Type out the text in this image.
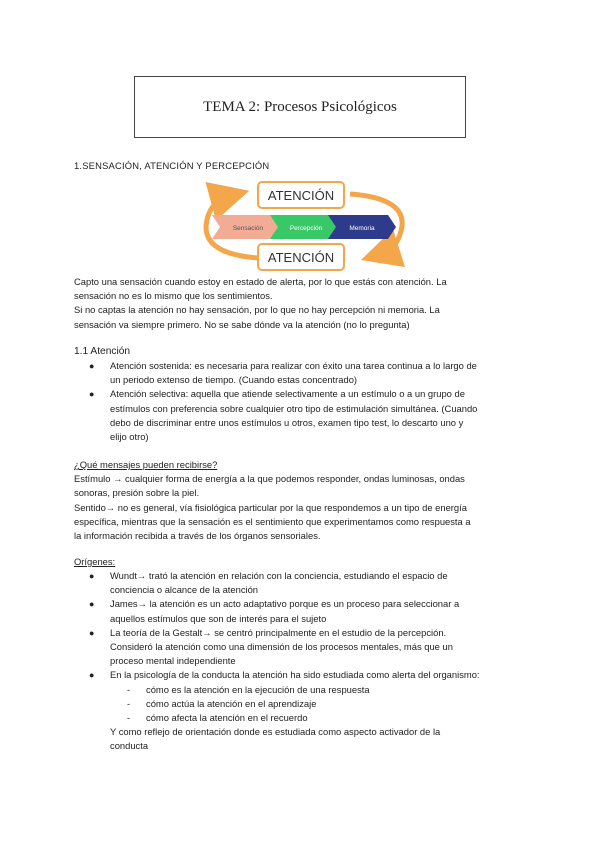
TEMA 2: Procesos Psicológicos
1.SENSACIÓN, ATENCIÓN Y PERCEPCIÓN
ATENCIÓN
Sensación	Percepción	Memoria
ATENCIÓN
Capto una sensación cuando estoy en estado de alerta, por lo que estás con atención. La
sensación no es lo mismo que los sentimientos.
Si no captas la atención no hay sensación, por lo que no hay percepción ni memoria. La
sensación va siempre primero. No se sabe dónde va la atención (no lo pregunta)
1.1 Atención
● Atención sostenida: es necesaria para realizar con éxito una tarea continua a lo largo de
un periodo extenso de tiempo. (Cuando estas concentrado)
● Atención selectiva: aquella que atiende selectivamente a un estímulo o a un grupo de
estímulos con preferencia sobre cualquier otro tipo de estimulación simultánea. (Cuando
debo de discriminar entre unos estímulos u otros, examen tipo test, lo descarto uno y
elijo otro)
¿Qué mensajes pueden recibirse?
Estímulo → cualquier forma de energía a la que podemos responder, ondas luminosas, ondas
sonoras, presión sobre la piel.
Sentido→ no es general, vía fisiológica particular por la que respondemos a un tipo de energía
específica, mientras que la sensación es el sentimiento que experimentamos como respuesta a
la información recibida a través de los órganos sensoriales.
Orígenes:
● Wundt→ trató la atención en relación con la conciencia, estudiando el espacio de
conciencia o alcance de la atención
● James→ la atención es un acto adaptativo porque es un proceso para seleccionar a
aquellos estímulos que son de interés para el sujeto
● La teoría de la Gestalt→ se centró principalmente en el estudio de la percepción.
Consideró la atención como una dimensión de los procesos mentales, más que un
proceso mental independiente
● En la psicología de la conducta la atención ha sido estudiada como alerta del organismo:
- cómo es la atención en la ejecución de una respuesta
- cómo actúa la atención en el aprendizaje
- cómo afecta la atención en el recuerdo
Y como reflejo de orientación donde es estudiada como aspecto activador de la
conducta
